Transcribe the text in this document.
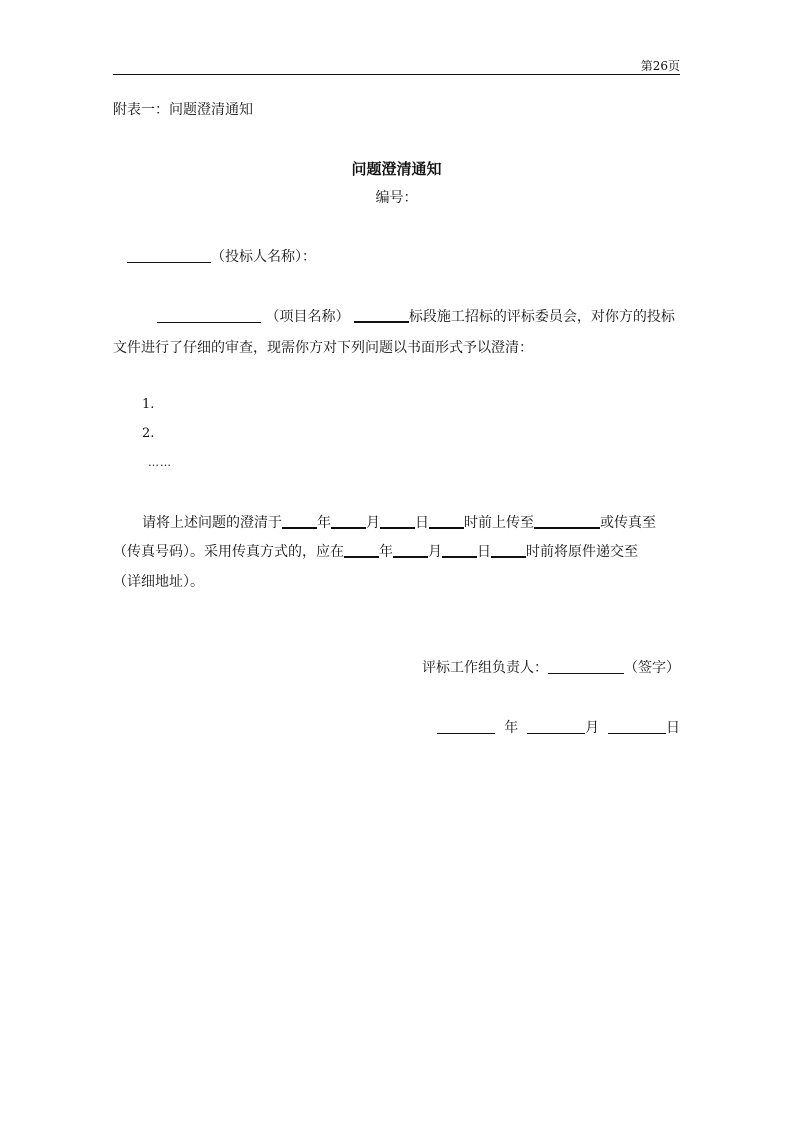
第26页
附表一：问题澄清通知
问题澄清通知
编号：
（投标人名称）：
（项目名称）	标段施工招标的评标委员会，对你方的投标
文件进行了仔细的审查，现需你方对下列问题以书面形式予以澄清：
1.
2.
……
请将上述问题的澄清于	年	月	日	时前上传至	或传真至
（传真号码）。采用传真方式的，应在	年	月	日	时前将原件递交至
（详细地址）。
评标工作组负责人：	（签字）
年	月	日
